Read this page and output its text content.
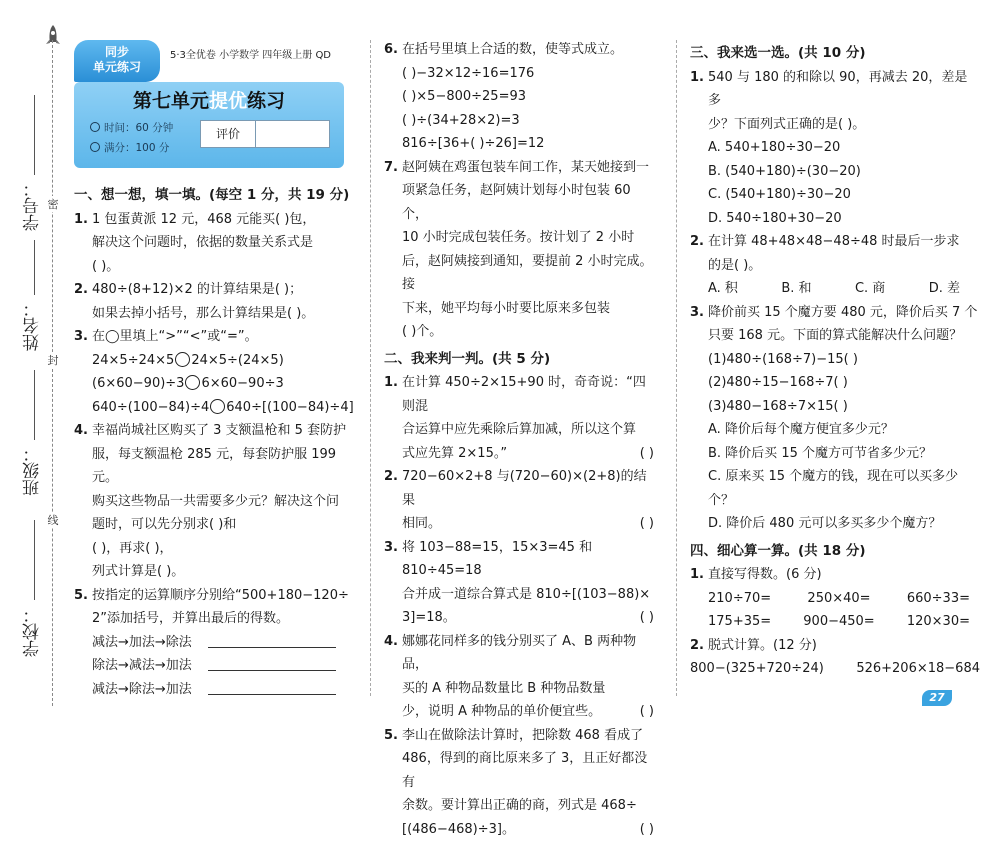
密
封
线
学号：
姓名：
班级：
学校：
同步
单元练习
5·3全优卷 小学数学 四年级上册 QD
第七单元提优练习
时间：60 分钟
满分：100 分
评价
一、想一想，填一填。(每空 1 分，共 19 分)
1. 1 包蛋黄派 12 元，468 元能买( )包，
解决这个问题时，依据的数量关系式是
( )。
2. 480÷(8+12)×2 的计算结果是( )；
如果去掉小括号，那么计算结果是( )。
3. 在◯里填上“>”“<”或“=”。
24×5÷24×5 24×5÷(24×5)
(6×60−90)÷3 6×60−90÷3
640÷(100−84)÷4 640÷[(100−84)÷4]
4. 幸福尚城社区购买了 3 支额温枪和 5 套防护
服，每支额温枪 285 元，每套防护服 199 元。
购买这些物品一共需要多少元？解决这个问
题时，可以先分别求( )和
( )，再求( )，
列式计算是( )。
5. 按指定的运算顺序分别给“500+180−120÷
2”添加括号，并算出最后的得数。
减法→加法→除法
除法→减法→加法
减法→除法→加法
6. 在括号里填上合适的数，使等式成立。
( )−32×12÷16=176
( )×5−800÷25=93
( )÷(34+28×2)=3
816÷[36+( )÷26]=12
7. 赵阿姨在鸡蛋包装车间工作，某天她接到一
项紧急任务，赵阿姨计划每小时包装 60 个，
10 小时完成包装任务。按计划了 2 小时
后，赵阿姨接到通知，要提前 2 小时完成。接
下来，她平均每小时要比原来多包装
( )个。
二、我来判一判。(共 5 分)
1. 在计算 450÷2×15+90 时，奇奇说：“四则混
合运算中应先乘除后算加减，所以这个算
式应先算 2×15。”	( )
2. 720−60×2+8 与(720−60)×(2+8)的结果
相同。	( )
3. 将 103−88=15，15×3=45 和 810÷45=18
合并成一道综合算式是 810÷[(103−88)×
3]=18。	( )
4. 娜娜花同样多的钱分别买了 A、B 两种物品，
买的 A 种物品数量比 B 种物品数量
少，说明 A 种物品的单价便宜些。	( )
5. 李山在做除法计算时，把除数 468 看成了
486，得到的商比原来多了 3，且正好都没有
余数。要计算出正确的商，列式是 468÷
[(486−468)÷3]。	( )
三、我来选一选。(共 10 分)
1. 540 与 180 的和除以 90，再减去 20，差是多
少？下面列式正确的是( )。
A. 540+180÷30−20
B. (540+180)÷(30−20)
C. (540+180)÷30−20
D. 540÷180+30−20
2. 在计算 48+48×48−48÷48 时最后一步求
的是( )。
A. 积	B. 和	C. 商	D. 差
3. 降价前买 15 个魔方要 480 元，降价后买 7 个
只要 168 元。下面的算式能解决什么问题？
(1)480÷(168÷7)−15( )
(2)480÷15−168÷7( )
(3)480−168÷7×15( )
A. 降价后每个魔方便宜多少元？
B. 降价后买 15 个魔方可节省多少元？
C. 原来买 15 个魔方的钱，现在可以买多少个？
D. 降价后 480 元可以多买多少个魔方？
四、细心算一算。(共 18 分)
1. 直接写得数。(6 分)
210÷70=	250×40=	660÷33=
175+35= 900−450= 120×30=
2. 脱式计算。(12 分)
800−(325+720÷24)	526+206×18−684
27
